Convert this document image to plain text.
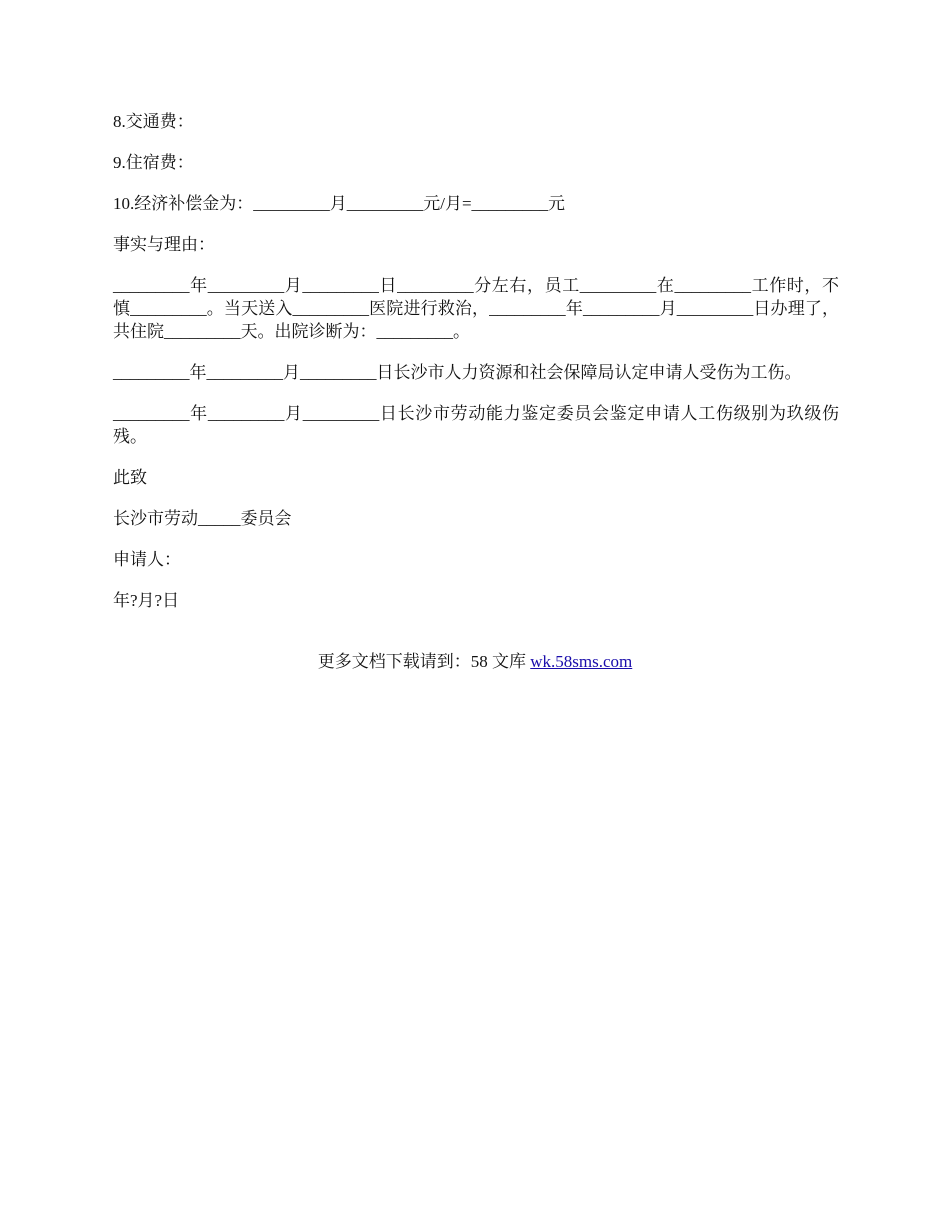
8.交通费：

9.住宿费：

10.经济补偿金为：_________月_________元/月=_________元

事实与理由：

_________年_________月_________日_________分左右，员工_________在_________工作时，不慎_________。当天送入_________医院进行救治，_________年_________月_________日办理了，共住院_________天。出院诊断为：_________。

_________年_________月_________日长沙市人力资源和社会保障局认定申请人受伤为工伤。

_________年_________月_________日长沙市劳动能力鉴定委员会鉴定申请人工伤级别为玖级伤残。

此致

长沙市劳动_____委员会

申请人：

年?月?日

更多文档下载请到：58 文库 wk.58sms.com
